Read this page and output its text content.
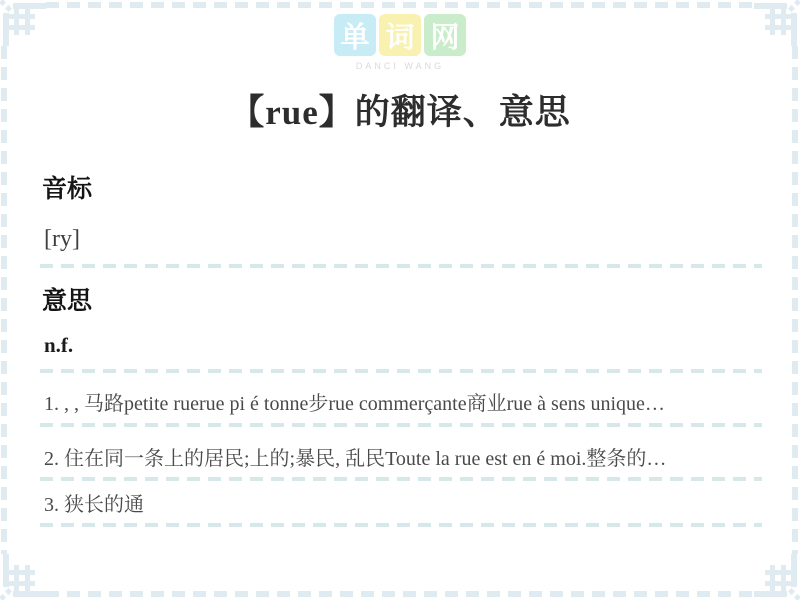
单 词 网
DANCI WANG
【rue】的翻译、意思
音标
[ry]
意思
n.f.
1. , , 马路petite ruerue pi é tonne步rue commerçante商业rue à sens unique…
2. 住在同一条上的居民;上的;暴民, 乱民Toute la rue est en é moi.整条的…
3. 狭长的通
